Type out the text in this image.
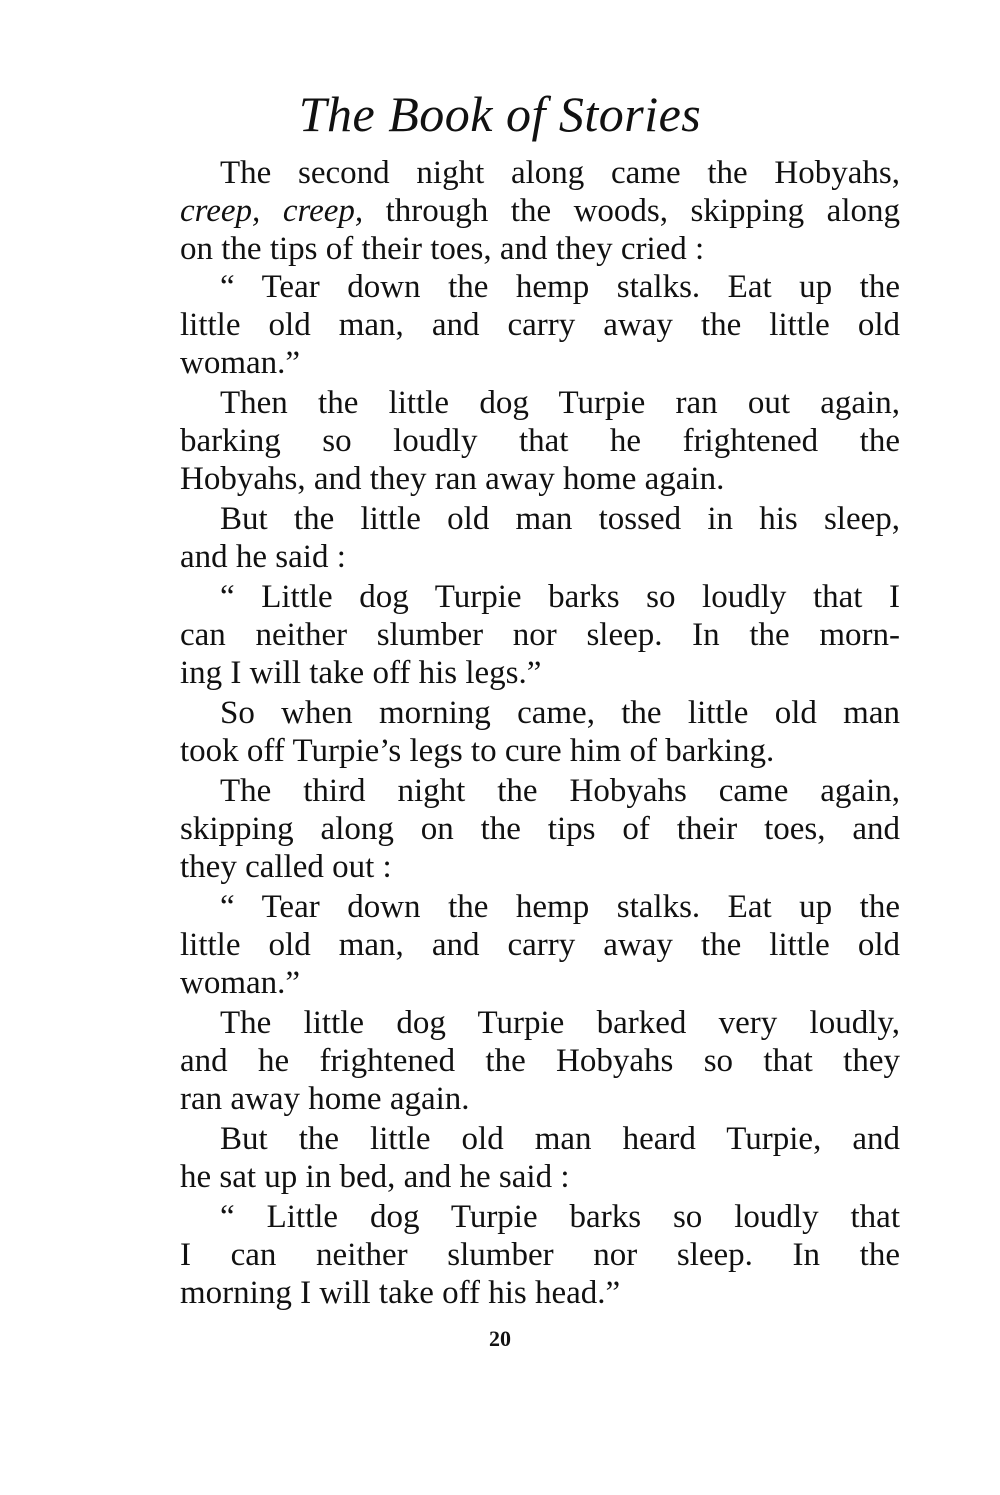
The Book of Stories
The second night along came the Hobyahs,
creep, creep, through the woods, skipping along
on the tips of their toes, and they cried :
“ Tear down the hemp stalks. Eat up the
little old man, and carry away the little old
woman.”
Then the little dog Turpie ran out again,
barking so loudly that he frightened the
Hobyahs, and they ran away home again.
But the little old man tossed in his sleep,
and he said :
“ Little dog Turpie barks so loudly that I
can neither slumber nor sleep. In the morn-
ing I will take off his legs.”
So when morning came, the little old man
took off Turpie’s legs to cure him of barking.
The third night the Hobyahs came again,
skipping along on the tips of their toes, and
they called out :
“ Tear down the hemp stalks. Eat up the
little old man, and carry away the little old
woman.”
The little dog Turpie barked very loudly,
and he frightened the Hobyahs so that they
ran away home again.
But the little old man heard Turpie, and
he sat up in bed, and he said :
“ Little dog Turpie barks so loudly that
I can neither slumber nor sleep. In the
morning I will take off his head.”
20
